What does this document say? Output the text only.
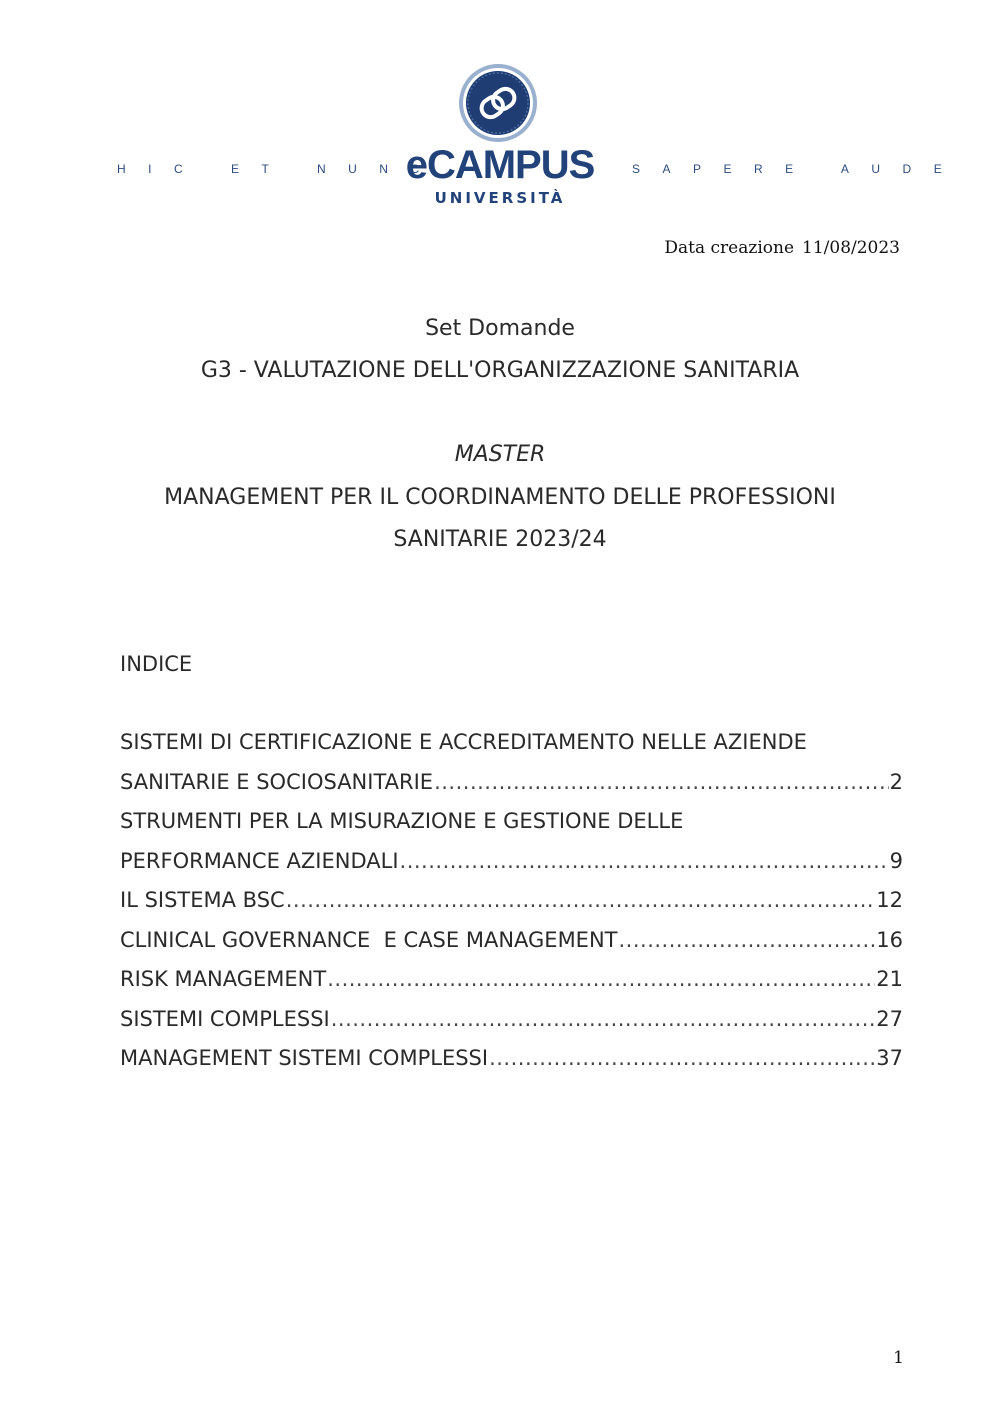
HIC ET NUNC	SAPERE AUDE
eCAMPUS
UNIVERSITÀ
Data creazione 11/08/2023
Set Domande
G3 - VALUTAZIONE DELL'ORGANIZZAZIONE SANITARIA
MASTER
MANAGEMENT PER IL COORDINAMENTO DELLE PROFESSIONI
SANITARIE 2023/24
INDICE
SISTEMI DI CERTIFICAZIONE E ACCREDITAMENTO NELLE AZIENDE
SANITARIE E SOCIOSANITARIE .....	2
STRUMENTI PER LA MISURAZIONE E GESTIONE DELLE
PERFORMANCE AZIENDALI .....	9
IL SISTEMA BSC .....	12
CLINICAL GOVERNANCE  E CASE MANAGEMENT .....	16
RISK MANAGEMENT .....	21
SISTEMI COMPLESSI .....	27
MANAGEMENT SISTEMI COMPLESSI .....	37
1
